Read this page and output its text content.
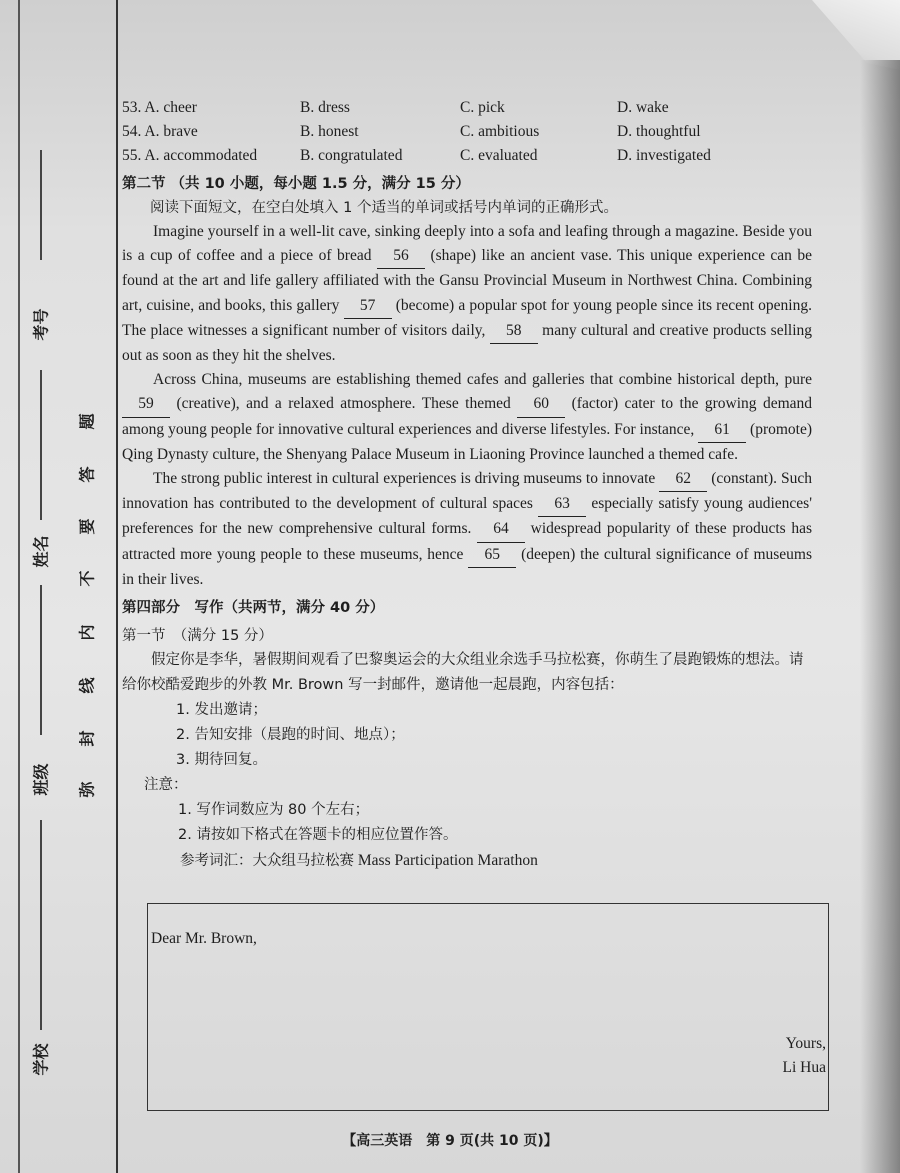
考号
姓名
班级
学校
题
答
要
不
内
线
封
弥
53. A. cheer	B. dress	C. pick	D. wake
54. A. brave	B. honest	C. ambitious	D. thoughtful
55. A. accommodated	B. congratulated	C. evaluated	D. investigated
第二节 （共 10 小题，每小题 1.5 分，满分 15 分）
阅读下面短文，在空白处填入 1 个适当的单词或括号内单词的正确形式。

Imagine yourself in a well-lit cave, sinking deeply into a sofa and leafing through a magazine. Beside you is a cup of coffee and a piece of bread 56 (shape) like an ancient vase. This unique experience can be found at the art and life gallery affiliated with the Gansu Provincial Museum in Northwest China. Combining art, cuisine, and books, this gallery 57 (become) a popular spot for young people since its recent opening. The place witnesses a significant number of visitors daily, 58 many cultural and creative products selling out as soon as they hit the shelves.

Across China, museums are establishing themed cafes and galleries that combine historical depth, pure 59 (creative), and a relaxed atmosphere. These themed 60 (factor) cater to the growing demand among young people for innovative cultural experiences and diverse lifestyles. For instance, 61 (promote) Qing Dynasty culture, the Shenyang Palace Museum in Liaoning Province launched a themed cafe.

The strong public interest in cultural experiences is driving museums to innovate 62 (constant). Such innovation has contributed to the development of cultural spaces 63 especially satisfy young audiences' preferences for the new comprehensive cultural forms. 64 widespread popularity of these products has attracted more young people to these museums, hence 65 (deepen) the cultural significance of museums in their lives.

第四部分　写作（共两节，满分 40 分）
第一节　（满分 15 分）
假定你是李华，暑假期间观看了巴黎奥运会的大众组业余选手马拉松赛，你萌生了晨跑锻炼的想法。请给你校酷爱跑步的外教 Mr. Brown 写一封邮件，邀请他一起晨跑，内容包括：
1. 发出邀请；
2. 告知安排（晨跑的时间、地点）；
3. 期待回复。
注意：
1. 写作词数应为 80 个左右；
2. 请按如下格式在答题卡的相应位置作答。
参考词汇：大众组马拉松赛 Mass Participation Marathon
Dear Mr. Brown,
Yours,
Li Hua
【高三英语　第 9 页(共 10 页)】
